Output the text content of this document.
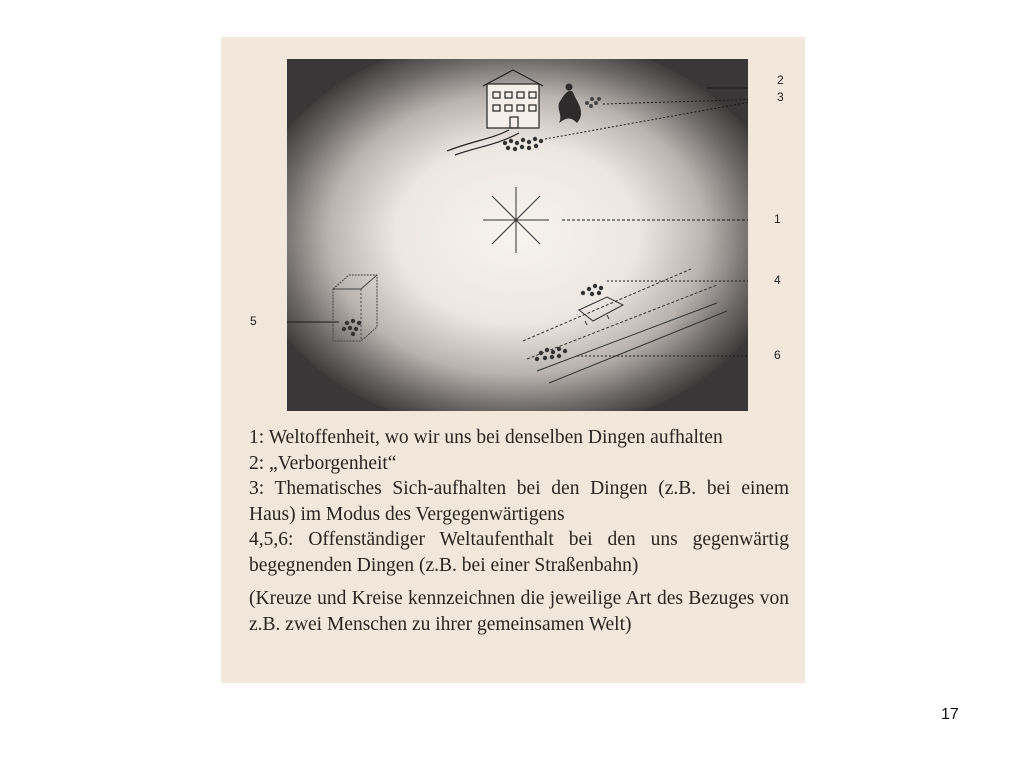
2
3
1
4
5
6

1: Weltoffenheit, wo wir uns bei denselben Dingen aufhalten

2: „Verborgenheit“

3: Thematisches Sich-aufhalten bei den Dingen (z.B. bei einem Haus) im Modus des Vergegenwärtigens

4,5,6: Offenständiger Weltaufenthalt bei den uns gegenwärtig begegnenden Dingen (z.B. bei einer Straßenbahn)

(Kreuze und Kreise kennzeichnen die jeweilige Art des Bezuges von z.B. zwei Menschen zu ihrer gemeinsamen Welt)

17
